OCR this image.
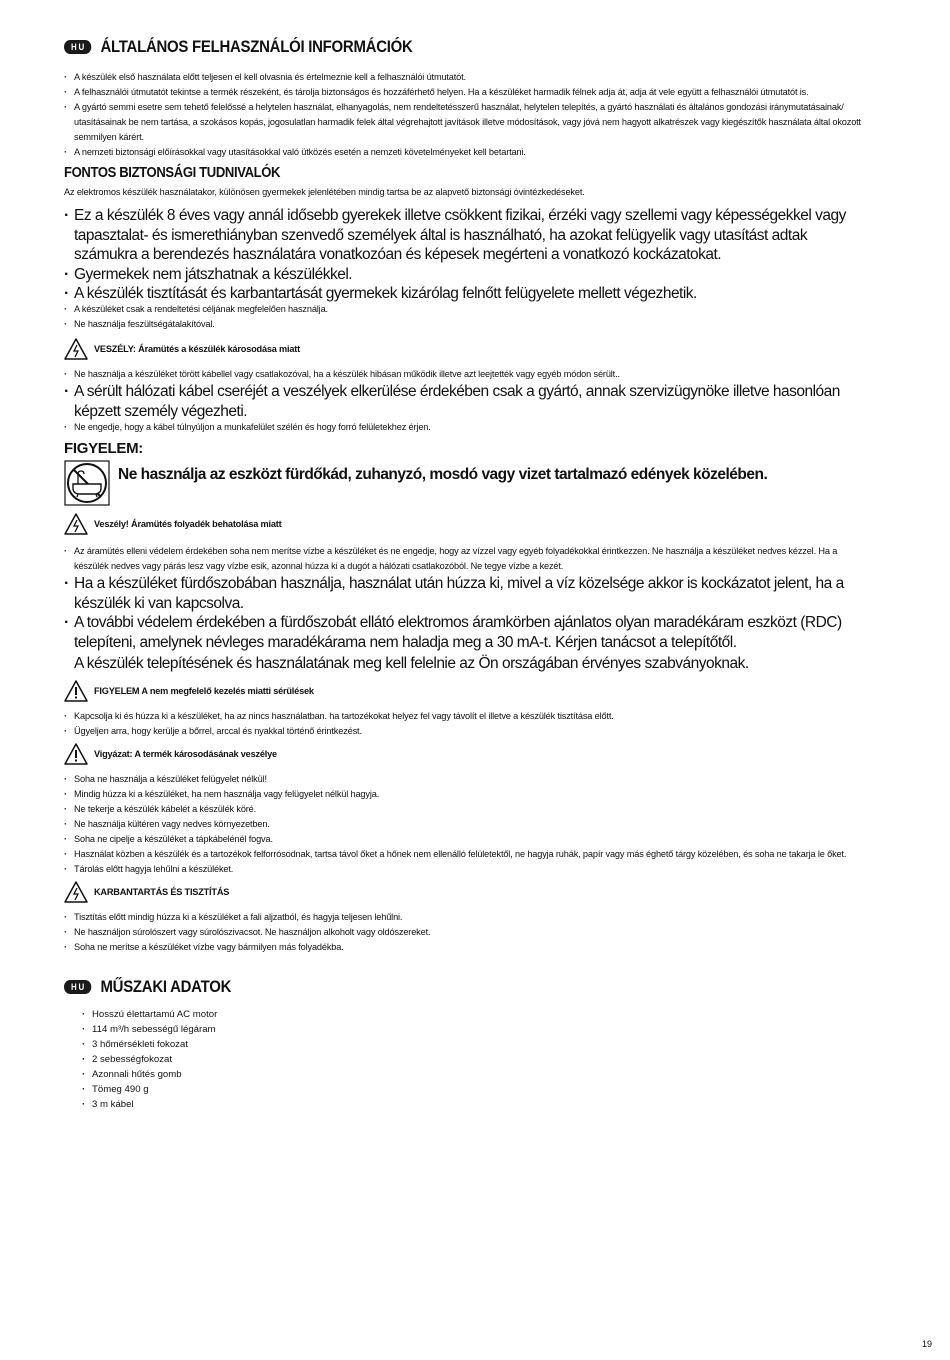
HU ÁLTALÁNOS FELHASZNÁLÓI INFORMÁCIÓK
· A készülék első használata előtt teljesen el kell olvasnia és értelmeznie kell a felhasználói útmutatót.
· A felhasználói útmutatót tekintse a termék részeként, és tárolja biztonságos és hozzáférhető helyen. Ha a készüléket harmadik félnek adja át, adja át vele együtt a felhasználói útmutatót is.
· A gyártó semmi esetre sem tehető felelőssé a helytelen használat, elhanyagolás, nem rendeltetésszerű használat, helytelen telepítés, a gyártó használati és általános gondozási iránymutatásainak/ utasításainak be nem tartása, a szokásos kopás, jogosulatlan harmadik felek által végrehajtott javítások illetve módosítások, vagy jóvá nem hagyott alkatrészek vagy kiegészítők használata által okozott semmilyen kárért.
· A nemzeti biztonsági előírásokkal vagy utasításokkal való ütközés esetén a nemzeti követelményeket kell betartani.
FONTOS BIZTONSÁGI TUDNIVALÓK
Az elektromos készülék használatakor, különösen gyermekek jelenlétében mindig tartsa be az alapvető biztonsági óvintézkedéseket.
· Ez a készülék 8 éves vagy annál idősebb gyerekek illetve csökkent fizikai, érzéki vagy szellemi vagy képességekkel vagy tapasztalat- és ismerethiányban szenvedő személyek által is használható, ha azokat felügyelik vagy utasítást adtak számukra a berendezés használatára vonatkozóan és képesek megérteni a vonatkozó kockázatokat.
· Gyermekek nem játszhatnak a készülékkel.
· A készülék tisztítását és karbantartását gyermekek kizárólag felnőtt felügyelete mellett végezhetik.
· A készüléket csak a rendeltetési céljának megfelelően használja.
· Ne használja feszültségátalakítóval.
VESZÉLY: Áramütés a készülék károsodása miatt
· Ne használja a készüléket törött kábellel vagy csatlakozóval, ha a készülék hibásan működik illetve azt leejtették vagy egyéb módon sérült..
· A sérült hálózati kábel cseréjét a veszélyek elkerülése érdekében csak a gyártó, annak szervizügynöke illetve hasonlóan képzett személy végezheti.
· Ne engedje, hogy a kábel túlnyúljon a munkafelület szélén és hogy forró felületekhez érjen.
FIGYELEM:
Ne használja az eszközt fürdőkád, zuhanyzó, mosdó vagy vizet tartalmazó edények közelében.
Veszély! Áramütés folyadék behatolása miatt
· Az áramütés elleni védelem érdekében soha nem merítse vízbe a készüléket és ne engedje, hogy az vízzel vagy egyéb folyadékokkal érintkezzen. Ne használja a készüléket nedves kézzel. Ha a készülék nedves vagy párás lesz vagy vízbe esik, azonnal húzza ki a dugót a hálózati csatlakozóból. Ne tegye vízbe a kezét.
· Ha a készüléket fürdőszobában használja, használat után húzza ki, mivel a víz közelsége akkor is kockázatot jelent, ha a készülék ki van kapcsolva.
· A további védelem érdekében a fürdőszobát ellátó elektromos áramkörben ajánlatos olyan maradékáram eszközt (RDC) telepíteni, amelynek névleges maradékárama nem haladja meg a 30 mA-t. Kérjen tanácsot a telepítőtől.
A készülék telepítésének és használatának meg kell felelnie az Ön országában érvényes szabványoknak.
FIGYELEM A nem megfelelő kezelés miatti sérülések
· Kapcsolja ki és húzza ki a készüléket, ha az nincs használatban. ha tartozékokat helyez fel vagy távolít el illetve a készülék tisztítása előtt.
· Ügyeljen arra, hogy kerülje a bőrrel, arccal és nyakkal történő érintkezést.
Vigyázat: A termék károsodásának veszélye
· Soha ne használja a készüléket felügyelet nélkül!
· Mindig húzza ki a készüléket, ha nem használja vagy felügyelet nélkül hagyja.
· Ne tekerje a készülék kábelét a készülék köré.
· Ne használja kültéren vagy nedves környezetben.
· Soha ne cipelje a készüléket a tápkábelénél fogva.
· Használat közben a készülék és a tartozékok felforrósodnak, tartsa távol őket a hőnek nem ellenálló felületektől, ne hagyja ruhák, papír vagy más éghető tárgy közelében, és soha ne takarja le őket.
· Tárolás előtt hagyja lehűlni a készüléket.
KARBANTARTÁS ÉS TISZTÍTÁS
· Tisztítás előtt mindig húzza ki a készüléket a fali aljzatból, és hagyja teljesen lehűlni.
· Ne használjon súrolószert vagy súrolószivacsot. Ne használjon alkoholt vagy oldószereket.
· Soha ne merítse a készüléket vízbe vagy bármilyen más folyadékba.
HU MŰSZAKI ADATOK
· Hosszú élettartamú AC motor
· 114 m³/h sebességű légáram
· 3 hőmérsékleti fokozat
· 2 sebességfokozat
· Azonnali hűtés gomb
· Tömeg 490 g
· 3 m kábel
19
